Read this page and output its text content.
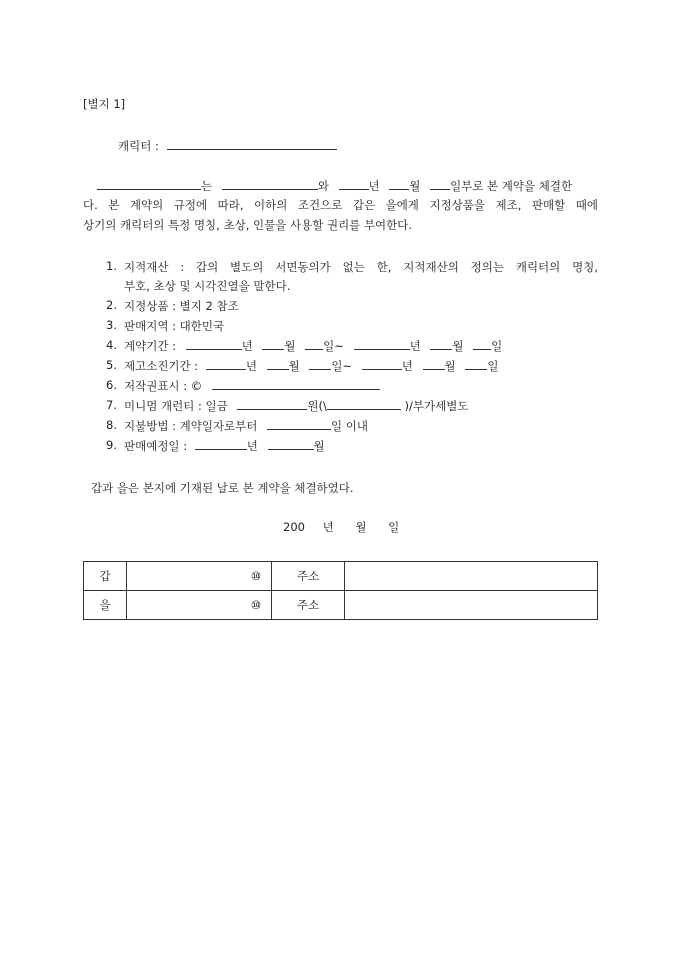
[별지 1]
캐릭터 :
는	와	년	월	일부로 본 계약을 체결한
다. 본 계약의 규정에 따라, 이하의 조건으로 갑은 을에게 지정상품을 제조, 판매할 때에
상기의 캐릭터의 특정 명칭, 초상, 인물을 사용할 권리를 부여한다.
1. 지적재산 : 갑의 별도의 서면동의가 없는 한, 지적재산의 정의는 캐릭터의 명칭,
부호, 초상 및 시각진열을 말한다.
2. 지정상품 : 별지 2 참조
3. 판매지역 : 대한민국
4. 계약기간 :	년	월 일~	년	월 일
5. 제고소진기간 :	년	월	일~	년	월	일
6. 저작권표시 : ©
7. 미니멈 개런티 : 일금	원(\	)/부가세별도
8. 지불방법 : 계약일자로부터	일 이내
9. 판매예정일 :	년	월
갑과 을은 본지에 기재된 날로 본 계약을 체결하였다.
200 년 월 일
갑	⑩	주소	
을	⑩	주소	
